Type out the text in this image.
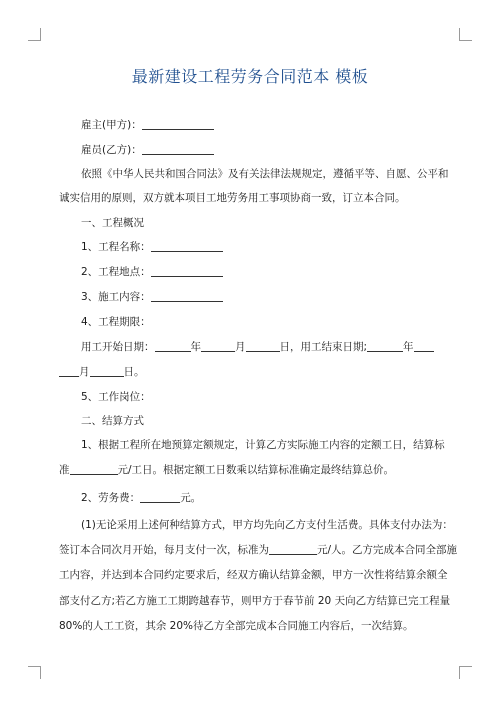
最新建设工程劳务合同范本 模板
雇主(甲方)：
雇员(乙方)：
依照《中华人民共和国合同法》及有关法律法规规定，遵循平等、自愿、公平和
诚实信用的原则，双方就本项目工地劳务用工事项协商一致，订立本合同。
一、工程概况
1、工程名称：
2、工程地点：
3、施工内容：
4、工程期限：
用工开始日期：	年	月	日，用工结束日期;	年
月	日。
5、工作岗位：
二、结算方式
1、根据工程所在地预算定额规定，计算乙方实际施工内容的定额工日，结算标
准	元/工日。根据定额工日数乘以结算标准确定最终结算总价。
2、劳务费：	元。
(1)无论采用上述何种结算方式，甲方均先向乙方支付生活费。具体支付办法为：
签订本合同次月开始，每月支付一次，标准为	元/人。乙方完成本合同全部施
工内容，并达到本合同约定要求后，经双方确认结算金额，甲方一次性将结算余额全
部支付乙方;若乙方施工工期跨越春节，则甲方于春节前 20 天向乙方结算已完工程量
80%的人工工资，其余 20%待乙方全部完成本合同施工内容后，一次结算。
